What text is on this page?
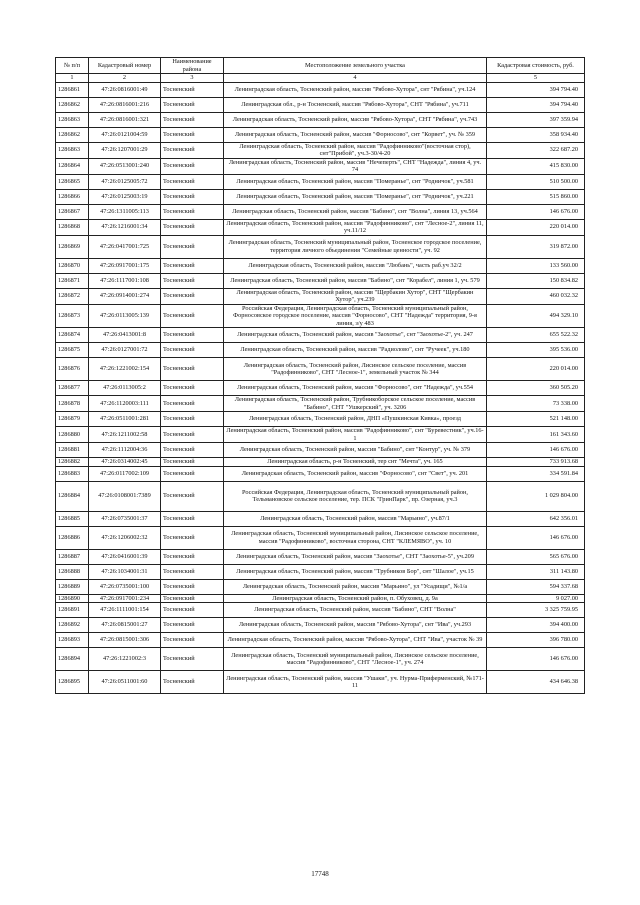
№ п/п	Кадастровый номер	Наименование района	Местоположение земельного участка	Кадастровая стоимость, руб.
1	2	3	4	5
1286861	47:26:0816001:49	Тосненский	Ленинградская область, Тосненский район, массив "Рябово-Хутора", снт "Рябина", уч.124	394 794.40
1286862	47:26:0816001:216	Тосненский	Ленинградская обл., р-н Тосненский, массив "Рябово-Хутора", СНТ "Рябина", уч.711	394 794.40
1286863	47:26:0816001:321	Тосненский	Ленинградская область, Тосненский район, массив "Рябово-Хутора", СНТ "Рябина", уч.743	397 359.94
1286862	47:26:0121004:59	Тосненский	Ленинградская область, Тосненский район, массив "Форносово", снт "Корвет", уч. № 359	358 934.40
1286863	47:26:1207001:29	Тосненский	Ленинградская область, Тосненский район, массив "Радофинниково"(восточная стор), снт"Прибой", уч.3-30/4-20	322 687.20
1286864	47:26:0513001:240	Тосненский	Ленинградская область, Тосненский район, массив "Нечеперть", СНТ "Надежда", линия 4, уч. 74	415 830.00
1286865	47:26:0125005:72	Тосненский	Ленинградская область, Тосненский район, массив "Померанье", снт "Родничок", уч.581	510 500.00
1286866	47:26:0125003:19	Тосненский	Ленинградская область, Тосненский район, массив "Померанье", снт "Родничок", уч.221	515 860.00
1286867	47:26:1311005:113	Тосненский	Ленинградская область, Тосненский район, массив "Бабино", снт "Волна", линия 13, уч.564	146 676.00
1286868	47:26:1216001:34	Тосненский	Ленинградская область, Тосненский район, массив "Радофинниково", снт "Лесное-2", линия 11, уч.11/12	220 014.00
1286869	47:26:0417001:725	Тосненский	Ленинградская область, Тосненский муниципальный район, Тосненское городское поселение, территория личного объединения "Семейные ценности", уч. 92	319 872.00
1286870	47:26:0917001:175	Тосненский	Ленинградская область, Тосненский район, массив "Любань", часть раб.уч 32/2	133 560.00
1286871	47:26:1117001:108	Тосненский	Ленинградская область, Тосненский район, массив "Бабино", снт "Корабел", линия 1, уч. 579	150 834.82
1286872	47:26:0914001:274	Тосненский	Ленинградская область, Тосненский район, массив "Щербакин Хутор", СНТ "Щербакин Хутор", уч.239	460 032.32
1286873	47:26:0113005:139	Тосненский	Российская Федерация, Ленинградская область, Тосненский муниципальный район, Форносовское городское поселение, массив "Форносово", СНТ "Надежда" территория, 9-я линия, з/у 483	494 329.10
1286874	47:26:0413001:8	Тосненский	Ленинградская область, Тосненский район, массив "Заохотье", снт "Заохотье-2", уч. 247	655 522.32
1286875	47:26:0127001:72	Тосненский	Ленинградская область, Тосненский район, массив "Радиолово", снт "Ручеек", уч.180	395 536.00
1286876	47:26:1221002:154	Тосненский	Ленинградская область, Тосненский район, Лисинское сельское поселение, массив "Радофинниково", СНТ "Лесное-1", земельный участок № 344	220 014.00
1286877	47:26:0113005:2	Тосненский	Ленинградская область, Тосненский район, массив "Форносово", снт "Надежда", уч.554	360 505.20
1286878	47:26:1120003:111	Тосненский	Ленинградская область, Тосненский район, Трубникоборское сельское поселение, массив "Бабино", СНТ "Ушкерский", уч. 3206	73 338.00
1286879	47:26:0511001:281	Тосненский	Ленинградская область, Тосненский район, ДНП «Пушкинская Кивка», проезд	521 148.00
1286880	47:26:1211002:58	Тосненский	Ленинградская область, Тосненский район, массив "Радофинниково", снт "Буревестник", уч.16-1	161 343.60
1286881	47:26:1112004:36	Тосненский	Ленинградская область, Тосненский район, массив "Бабино", снт "Контур", уч. № 379	146 676.00
1286882	47:26:0314002:45	Тосненский	Ленинградская область, р-н Тосненский, тер снт "Мечта", уч. 165	733 913.68
1286883	47:26:0117002:109	Тосненский	Ленинградская область, Тосненский район, массив "Форносово", снт "Свет", уч. 201	334 591.84
1286884	47:26:0108001:7389	Тосненский	Российская Федерация, Ленинградская область, Тосненский муниципальный район, Тельмановское сельское поселение, тер. ПСК "ГринПарк", пр. Озерная, уч.3	1 029 804.00
1286885	47:26:0735001:37	Тосненский	Ленинградская область, Тосненский район, массив "Марьино", уч.87/1	642 356.01
1286886	47:26:1206002:32	Тосненский	Ленинградская область, Тосненский муниципальный район, Лисинское сельское поселение, массив "Радофинниково", восточная сторона, СНТ "КЛЕМЯВО", уч. 10	146 676.00
1286887	47:26:0416001:39	Тосненский	Ленинградская область, Тосненский район, массив "Заохотье", СНТ "Заохотье-5", уч.209	565 676.00
1286888	47:26:1034001:31	Тосненский	Ленинградская область, Тосненский район, массив "Трубников Бор", снт "Шалое", уч.15	311 143.80
1286889	47:26:0735001:100	Тосненский	Ленинградская область, Тосненский район, массив "Марьино", ул "Усадищи", №1/а	594 337.68
1286890	47:26:0917001:234	Тосненский	Ленинградская область, Тосненский район, п. Обуховец, д. 9а	9 027.00
1286891	47:26:1111001:154	Тосненский	Ленинградская область, Тосненский район, массив "Бабино", СНТ "Волна"	3 325 759.95
1286892	47:26:0815001:27	Тосненский	Ленинградская область, Тосненский район, массив "Рябово-Хутора", снт "Ива", уч.293	394 400.00
1286893	47:26:0815001:306	Тосненский	Ленинградская область, Тосненский район, массив "Рябово-Хутора", СНТ "Ива", участок № 39	396 780.00
1286894	47:26:1221002:3	Тосненский	Ленинградская область, Тосненский муниципальный район, Лисинское сельское поселение, массив "Радофинниково", СНТ "Лесное-1", уч. 274	146 676.00
1286895	47:26:0511001:60	Тосненский	Ленинградская область, Тосненский район, массив "Ушаки", уч. Нурма-Приферменский, №171-11	434 646.38
17748
